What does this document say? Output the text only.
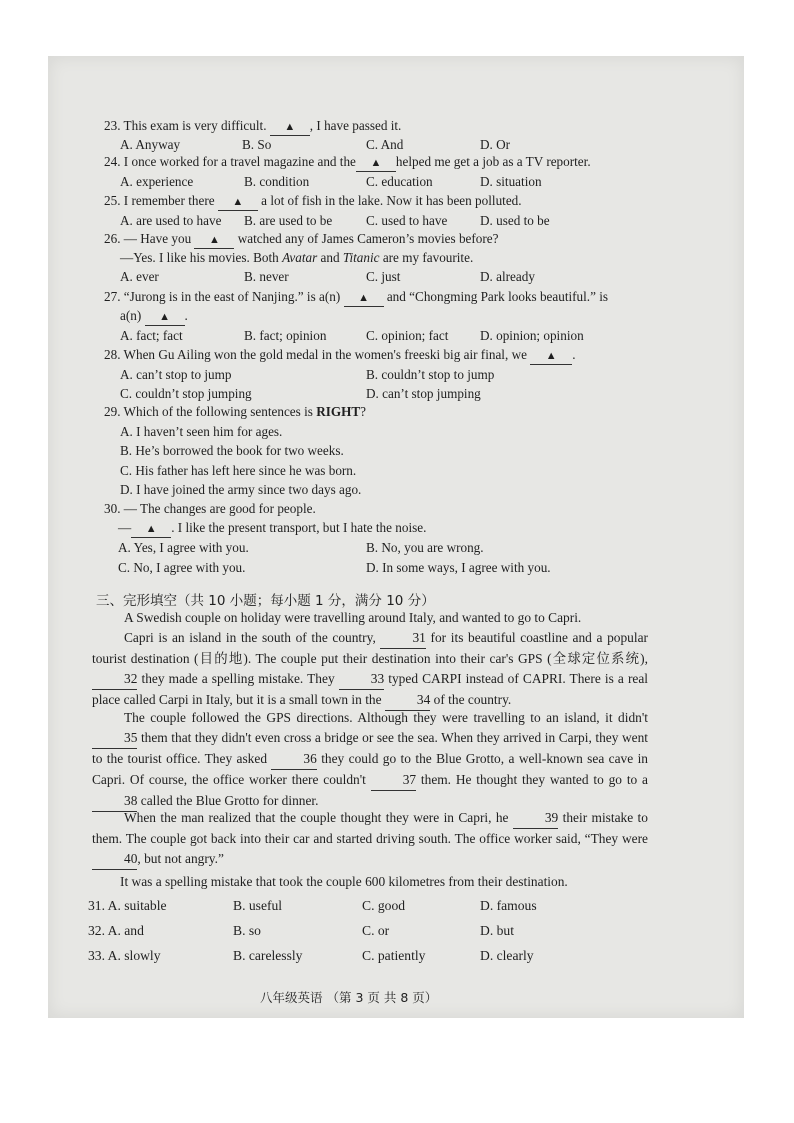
23. This exam is very difficult. ▲ , I have passed it.
A. Anyway	B. So	C. And	D. Or
24. I once worked for a travel magazine and the ▲ helped me get a job as a TV reporter.
A. experience	B. condition	C. education	D. situation
25. I remember there ▲ a lot of fish in the lake. Now it has been polluted.
A. are used to have B. are used to be	C. used to have D. used to be
26. — Have you ▲ watched any of James Cameron’s movies before?
—Yes. I like his movies. Both Avatar and Titanic are my favourite.
A. ever	B. never	C. just	D. already
27. “Jurong is in the east of Nanjing.” is a(n) ▲ and “Chongming Park looks beautiful.” is
a(n) ▲ .
A. fact; fact	B. fact; opinion	C. opinion; fact D. opinion; opinion
28. When Gu Ailing won the gold medal in the women's freeski big air final, we ▲ .
A. can’t stop to jump	B. couldn’t stop to jump
C. couldn’t stop jumping	D. can’t stop jumping
29. Which of the following sentences is RIGHT?
A. I haven’t seen him for ages.
B. He’s borrowed the book for two weeks.
C. His father has left here since he was born.
D. I have joined the army since two days ago.
30. — The changes are good for people.
— ▲ . I like the present transport, but I hate the noise.
A. Yes, I agree with you.	B. No, you are wrong.
C. No, I agree with you.	D. In some ways, I agree with you.
三、完形填空（共 10 小题；每小题 1 分，满分 10 分）
A Swedish couple on holiday were travelling around Italy, and wanted to go to Capri.
Capri is an island in the south of the country,	31 for its beautiful coastline and a popular tourist destination (目的地). The couple put their destination into their car's GPS (全球定位系统), 32 they made a spelling mistake. They	33 typed CARPI instead of CAPRI. There is a real place called Carpi in Italy, but it is a small town in the	34 of the country.
The couple followed the GPS directions. Although they were travelling to an island, it didn't 35 them that they didn't even cross a bridge or see the sea. When they arrived in Carpi, they went to the tourist office. They asked	36 they could go to the Blue Grotto, a well-known sea cave in Capri. Of course, the office worker there couldn't	37 them. He thought they wanted to go to a 38 called the Blue Grotto for dinner.
When the man realized that the couple thought they were in Capri, he	39 their mistake to them. The couple got back into their car and started driving south. The office worker said, “They were 40, but not angry.”
It was a spelling mistake that took the couple 600 kilometres from their destination.
31. A. suitable	B. useful	C. good	D. famous
32. A. and	B. so	C. or	D. but
33. A. slowly	B. carelessly	C. patiently	D. clearly
八年级英语 （第 3 页 共 8 页）
